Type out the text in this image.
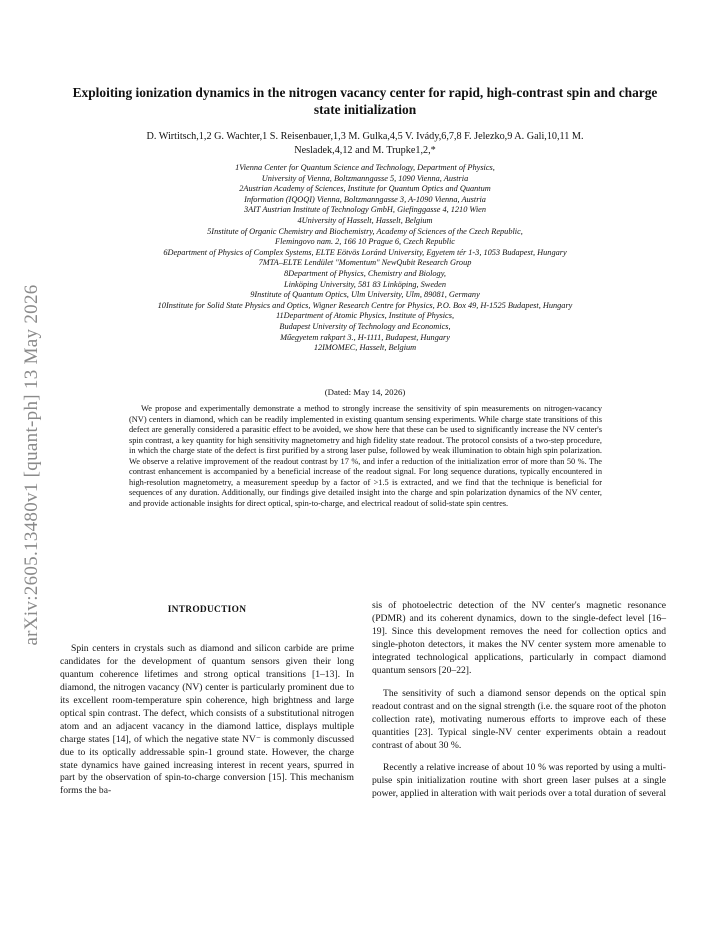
arXiv:2605.13480v1 [quant-ph] 13 May 2026
Exploiting ionization dynamics in the nitrogen vacancy center for rapid, high-contrast spin and charge state initialization
D. Wirtitsch,1,2 G. Wachter,1 S. Reisenbauer,1,3 M. Gulka,4,5 V. Ivády,6,7,8 F. Jelezko,9 A. Gali,10,11 M. Nesladek,4,12 and M. Trupke1,2,*
1Vienna Center for Quantum Science and Technology, Department of Physics,
University of Vienna, Boltzmanngasse 5, 1090 Vienna, Austria
2Austrian Academy of Sciences, Institute for Quantum Optics and Quantum
Information (IQOQI) Vienna, Boltzmanngasse 3, A-1090 Vienna, Austria
3AIT Austrian Institute of Technology GmbH, Giefinggasse 4, 1210 Wien
4University of Hasselt, Hasselt, Belgium
5Institute of Organic Chemistry and Biochemistry, Academy of Sciences of the Czech Republic,
Flemingovo nam. 2, 166 10 Prague 6, Czech Republic
6Department of Physics of Complex Systems, ELTE Eötvös Loránd University, Egyetem tér 1-3, 1053 Budapest, Hungary
7MTA–ELTE Lendület "Momentum" NewQubit Research Group
8Department of Physics, Chemistry and Biology,
Linköping University, 581 83 Linköping, Sweden
9Institute of Quantum Optics, Ulm University, Ulm, 89081, Germany
10Institute for Solid State Physics and Optics, Wigner Research Centre for Physics, P.O. Box 49, H-1525 Budapest, Hungary
11Department of Atomic Physics, Institute of Physics,
Budapest University of Technology and Economics,
Műegyetem rakpart 3., H-1111, Budapest, Hungary
12IMOMEC, Hasselt, Belgium
(Dated: May 14, 2026)
We propose and experimentally demonstrate a method to strongly increase the sensitivity of spin measurements on nitrogen-vacancy (NV) centers in diamond, which can be readily implemented in existing quantum sensing experiments. While charge state transitions of this defect are generally considered a parasitic effect to be avoided, we show here that these can be used to significantly increase the NV center's spin contrast, a key quantity for high sensitivity magnetometry and high fidelity state readout. The protocol consists of a two-step procedure, in which the charge state of the defect is first purified by a strong laser pulse, followed by weak illumination to obtain high spin polarization. We observe a relative improvement of the readout contrast by 17 %, and infer a reduction of the initialization error of more than 50 %. The contrast enhancement is accompanied by a beneficial increase of the readout signal. For long sequence durations, typically encountered in high-resolution magnetometry, a measurement speedup by a factor of >1.5 is extracted, and we find that the technique is beneficial for sequences of any duration. Additionally, our findings give detailed insight into the charge and spin polarization dynamics of the NV center, and provide actionable insights for direct optical, spin-to-charge, and electrical readout of solid-state spin centres.
INTRODUCTION

Spin centers in crystals such as diamond and silicon carbide are prime candidates for the development of quantum sensors given their long quantum coherence lifetimes and strong optical transitions [1–13]. In diamond, the nitrogen vacancy (NV) center is particularly prominent due to its excellent room-temperature spin coherence, high brightness and large optical spin contrast. The defect, which consists of a substitutional nitrogen atom and an adjacent vacancy in the diamond lattice, displays multiple charge states [14], of which the negative state NV⁻ is commonly discussed due to its optically addressable spin-1 ground state. However, the charge state dynamics have gained increasing interest in recent years, spurred in part by the observation of spin-to-charge conversion [15]. This mechanism forms the ba-

sis of photoelectric detection of the NV center's magnetic resonance (PDMR) and its coherent dynamics, down to the single-defect level [16–19]. Since this development removes the need for collection optics and single-photon detectors, it makes the NV center system more amenable to integrated technological applications, particularly in compact diamond quantum sensors [20–22].

The sensitivity of such a diamond sensor depends on the optical spin readout contrast and on the signal strength (i.e. the square root of the photon collection rate), motivating numerous efforts to improve each of these quantities [23]. Typical single-NV center experiments obtain a readout contrast of about 30 %.

Recently a relative increase of about 10 % was reported by using a multi-pulse spin initialization routine with short green laser pulses at a single power, applied in alteration with wait periods over a total duration of several
